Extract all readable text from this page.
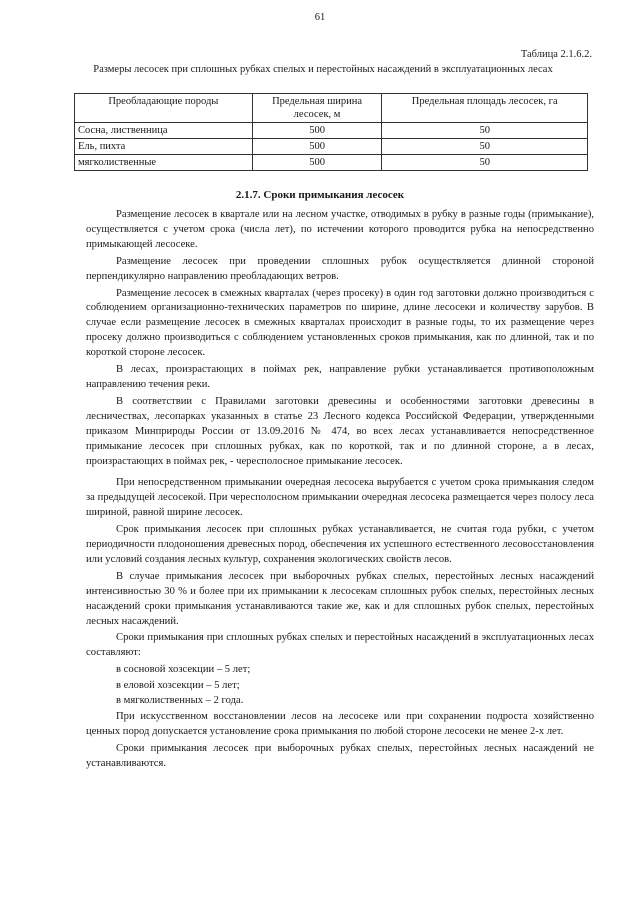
61
Таблица 2.1.6.2.
Размеры лесосек при сплошных рубках спелых и перестойных насаждений в эксплуатационных лесах
Преобладающие породы	Предельная ширина лесосек, м	Предельная площадь лесосек, га
Сосна, лиственница	500	50
Ель, пихта	500	50
мягколиственные	500	50
2.1.7. Сроки примыкания лесосек

Размещение лесосек в квартале или на лесном участке, отводимых в рубку в разные годы (примыкание), осуществляется с учетом срока (числа лет), по истечении которого проводится рубка на непосредственно примыкающей лесосеке.

Размещение лесосек при проведении сплошных рубок осуществляется длинной стороной перпендикулярно направлению преобладающих ветров.

Размещение лесосек в смежных кварталах (через просеку) в один год заготовки должно производиться с соблюдением организационно-технических параметров по ширине, длине лесосеки и количеству зарубов. В случае если размещение лесосек в смежных кварталах происходит в разные годы, то их размещение через просеку должно производиться с соблюдением установленных сроков примыкания, как по длинной, так и по короткой стороне лесосек.

В лесах, произрастающих в поймах рек, направление рубки устанавливается противоположным направлению течения реки.

В соответствии с Правилами заготовки древесины и особенностями заготовки древесины в лесничествах, лесопарках указанных в статье 23 Лесного кодекса Российской Федерации, утвержденными приказом Минприроды России от 13.09.2016 № 474, во всех лесах устанавливается непосредственное примыкание лесосек при сплошных рубках, как по короткой, так и по длинной стороне, а в лесах, произрастающих в поймах рек, - чересполосное примыкание лесосек.

При непосредственном примыкании очередная лесосека вырубается с учетом срока примыкания следом за предыдущей лесосекой. При чересполосном примыкании очередная лесосека размещается через полосу леса шириной, равной ширине лесосек.

Срок примыкания лесосек при сплошных рубках устанавливается, не считая года рубки, с учетом периодичности плодоношения древесных пород, обеспечения их успешного естественного лесовосстановления или условий создания лесных культур, сохранения экологических свойств лесов.

В случае примыкания лесосек при выборочных рубках спелых, перестойных лесных насаждений интенсивностью 30 % и более при их примыкании к лесосекам сплошных рубок спелых, перестойных лесных насаждений сроки примыкания устанавливаются такие же, как и для сплошных рубок спелых, перестойных лесных насаждений.

Сроки примыкания при сплошных рубках спелых и перестойных насаждений в эксплуатационных лесах составляют:

в сосновой хозсекции – 5 лет;

в еловой хозсекции – 5 лет;

в мягколиственных – 2 года.

При искусственном восстановлении лесов на лесосеке или при сохранении подроста хозяйственно ценных пород допускается установление срока примыкания по любой стороне лесосеки не менее 2-х лет.

Сроки примыкания лесосек при выборочных рубках спелых, перестойных лесных насаждений не устанавливаются.
